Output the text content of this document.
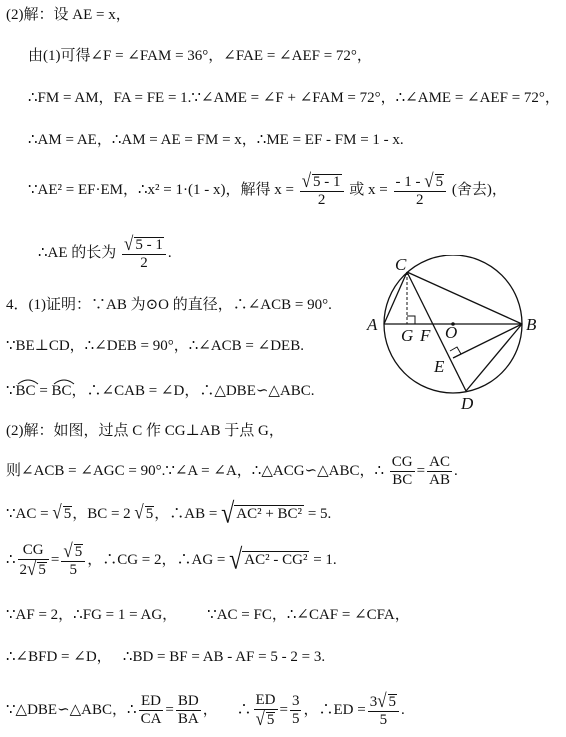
(2)解：设 AE = x，
由(1)可得∠F = ∠FAM = 36°，∠FAE = ∠AEF = 72°，
∴FM = AM，FA = FE = 1.∵∠AME = ∠F + ∠FAM = 72°，∴∠AME = ∠AEF = 72°，
∴AM = AE，∴AM = AE = FM = x，∴ME = EF - FM = 1 - x.
∵AE² = EF·EM，∴x² = 1·(1 - x)，解得 $x = \frac{√ 5 - 1}{2}$ 或 $x = \frac{- 1 - √ 5}{2}$ (舍去)，
∴AE 的长为 $\frac{√ 5 - 1}{2}$ .
4．(1)证明：∵AB 为⊙O 的直径，∴∠ACB = 90°.
∵BE⊥CD，∴∠DEB = 90°，∴∠ACB = ∠DEB.
∵
BC = BC，∴∠CAB = ∠D，∴△DBE∽△ABC.
(2)解：如图，过点 C 作 CG⊥AB 于点 G，
则∠ACB = ∠AGC = 90°.∵∠A = ∠A，∴△ACG∽△ABC，∴ $\frac{CG}{BC} = \frac{AC}{AB}$ .
∵AC = √ 5，BC = 2 √ 5，∴AB = √ AC² + BC² = 5.
∴ $\frac{CG}{2√ 5} = \frac{√ 5}{5}$ ，∴CG = 2，∴AG = √ AC² - CG² = 1.
∵AF = 2，∴FG = 1 = AG，        ∵AC = FC，∴∠CAF = ∠CFA，
∴∠BFD = ∠D，   ∴BD = BF = AB - AF = 5 - 2 = 3.
∵△DBE∽△ABC，∴ $\frac{ED}{CA} = \frac{BD}{BA}$ ，     ∴ $\frac{ED}{√ 5} = \frac{3}{5}$ ，∴ED = $\frac{3√ 5}{5}$ .
C
A
G F O	B
E
D
